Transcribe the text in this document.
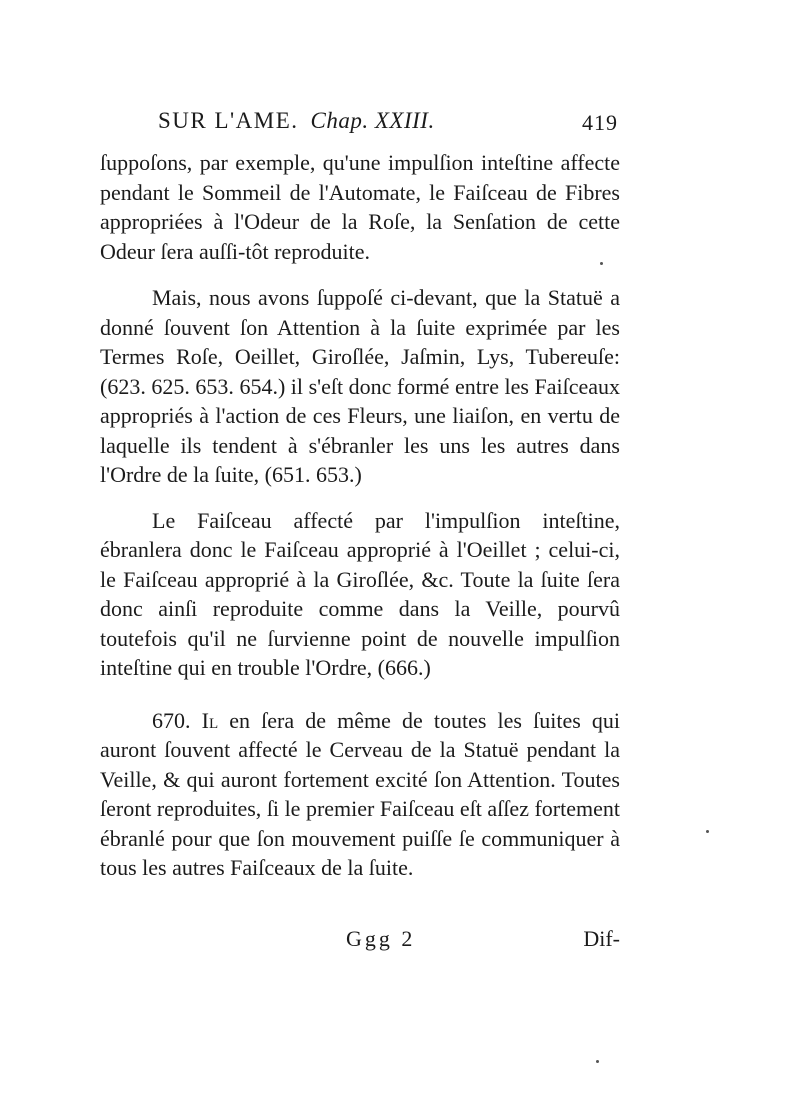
SUR L'AME. Chap. XXIII.	419

ſuppoſons, par exemple, qu'une impulſion inteſtine affecte pendant le Sommeil de l'Automate, le Faiſceau de Fibres appropriées à l'Odeur de la Roſe, la Senſation de cette Odeur ſera auſſi-tôt reproduite.

Mais, nous avons ſuppoſé ci-devant, que la Statuë a donné ſouvent ſon Attention à la ſuite exprimée par les Termes Roſe, Oeillet, Giroſlée, Jaſmin, Lys, Tubereuſe: (623. 625. 653. 654.) il s'eſt donc formé entre les Faiſceaux appropriés à l'action de ces Fleurs, une liaiſon, en vertu de laquelle ils tendent à s'ébranler les uns les autres dans l'Ordre de la ſuite, (651. 653.)

Le Faiſceau affecté par l'impulſion inteſtine, ébranlera donc le Faiſceau approprié à l'Oeillet ; celui-ci, le Faiſceau approprié à la Giroſlée, &c. Toute la ſuite ſera donc ainſi reproduite comme dans la Veille, pourvû toutefois qu'il ne ſurvienne point de nouvelle impulſion inteſtine qui en trouble l'Ordre, (666.)

670. Il en ſera de même de toutes les ſuites qui auront ſouvent affecté le Cerveau de la Statuë pendant la Veille, & qui auront fortement excité ſon Attention. Toutes ſeront reproduites, ſi le premier Faiſceau eſt aſſez fortement ébranlé pour que ſon mouvement puiſſe ſe communiquer à tous les autres Faiſceaux de la ſuite.

Ggg 2	Dif-
